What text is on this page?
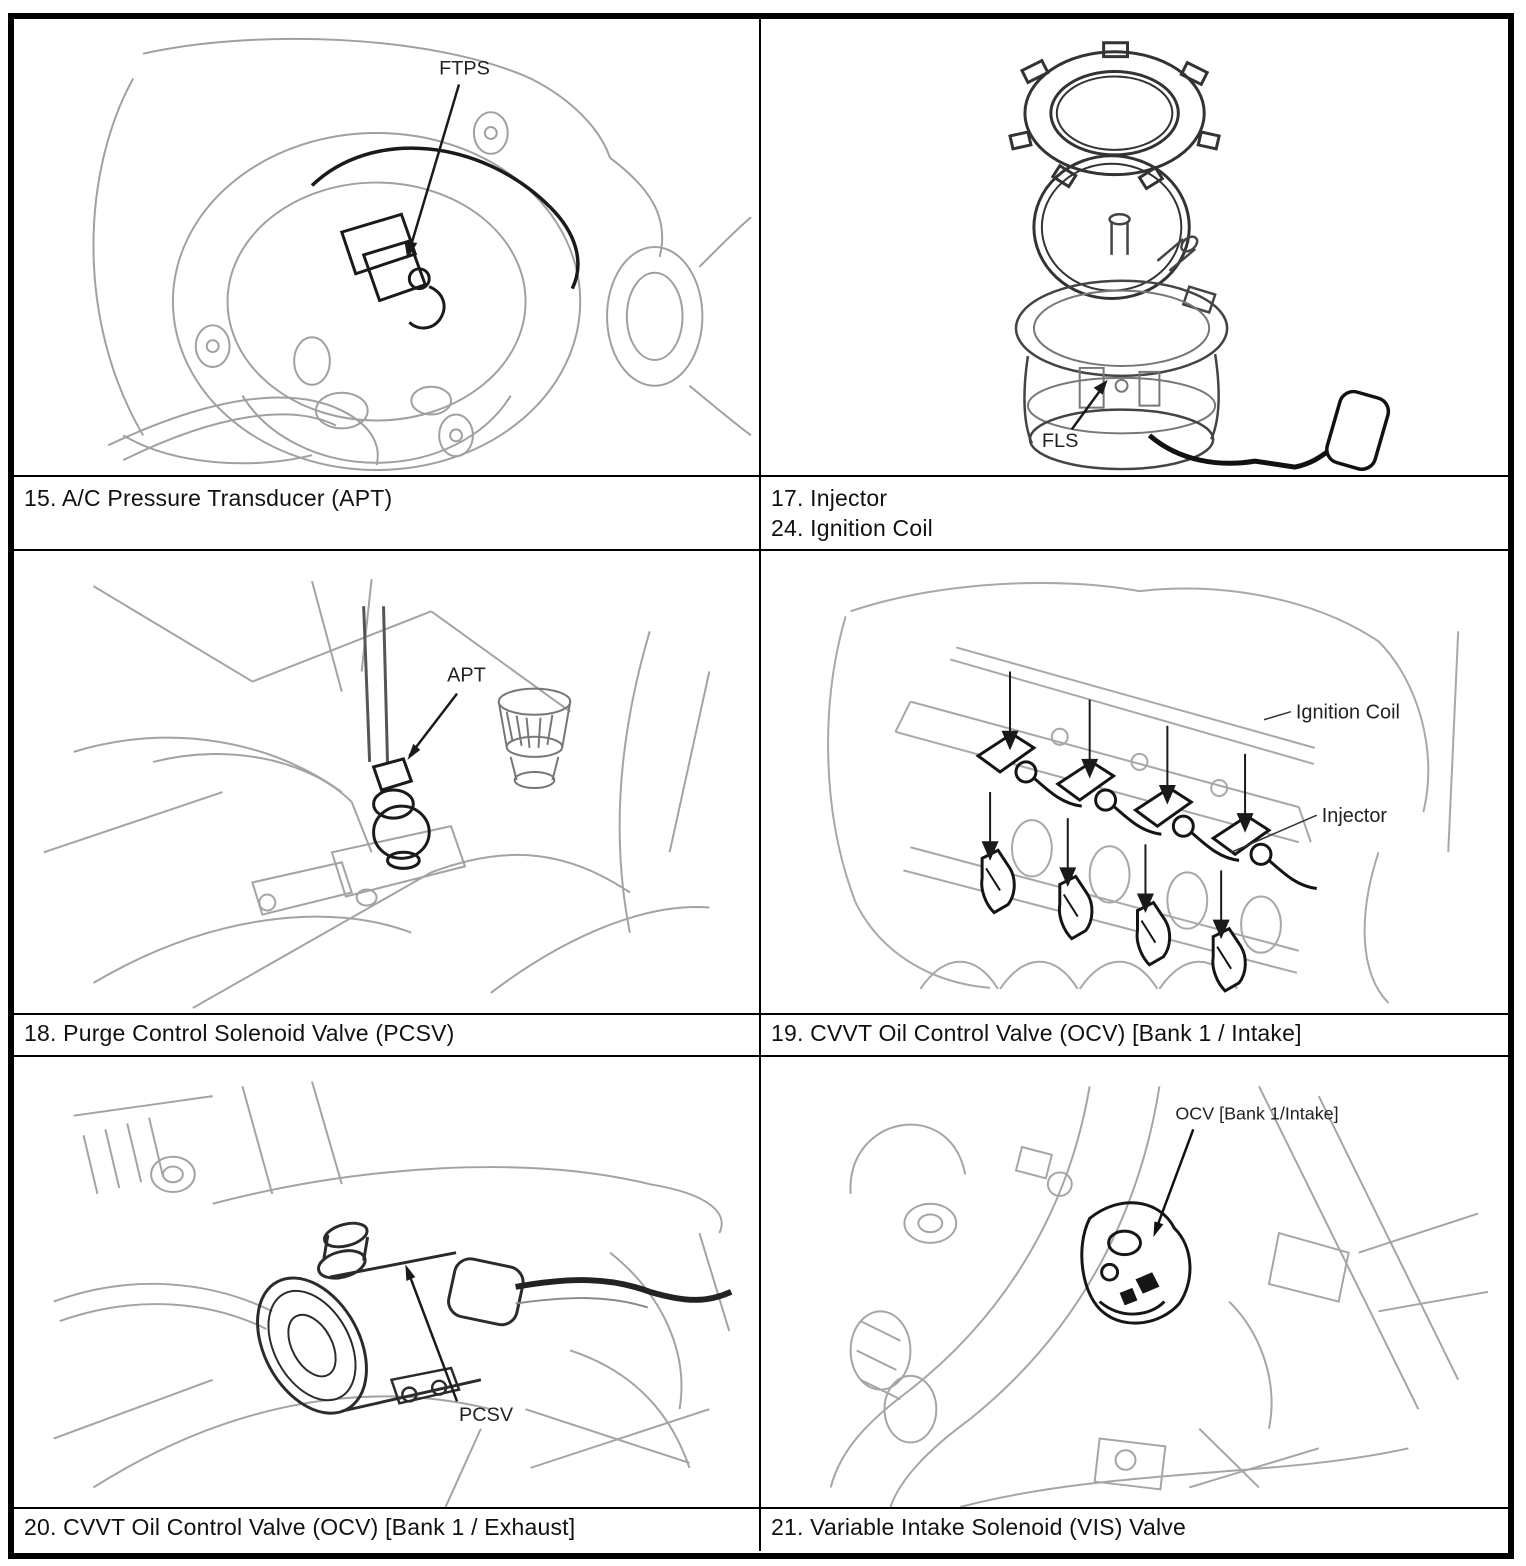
FTPS
FLS
15. A/C Pressure Transducer (APT)	17. Injector
24. Ignition Coil
APT
Ignition Coil
Injector
18. Purge Control Solenoid Valve (PCSV)	19. CVVT Oil Control Valve (OCV) [Bank 1 / Intake]
PCSV
OCV [Bank 1/Intake]
20. CVVT Oil Control Valve (OCV) [Bank 1 / Exhaust]	21. Variable Intake Solenoid (VIS) Valve
